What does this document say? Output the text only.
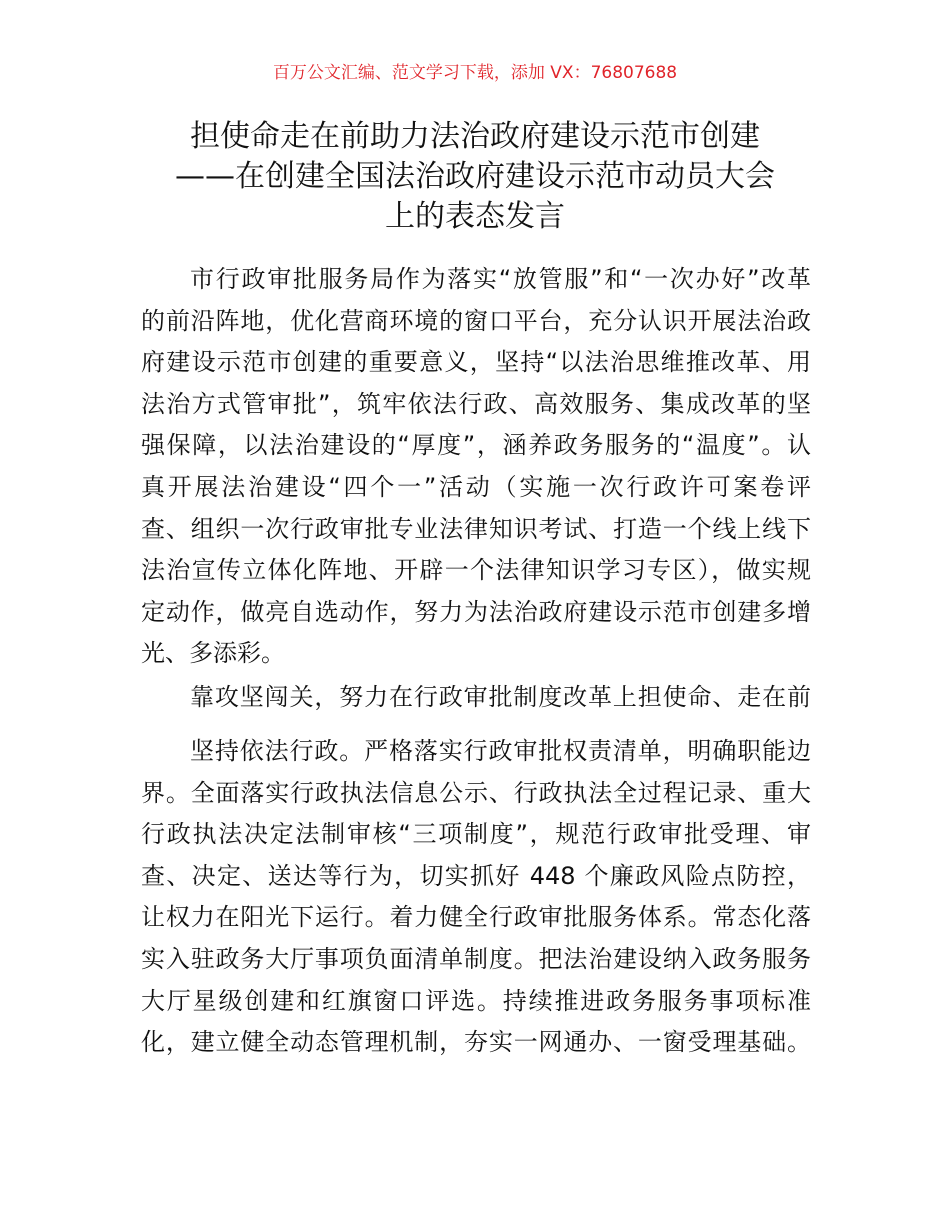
百万公文汇编、范文学习下载，添加 VX：76807688
担使命走在前助力法治政府建设示范市创建
——在创建全国法治政府建设示范市动员大会
上的表态发言
市行政审批服务局作为落实“放管服”和“一次办好”改革
的前沿阵地，优化营商环境的窗口平台，充分认识开展法治政
府建设示范市创建的重要意义，坚持“以法治思维推改革、用
法治方式管审批”，筑牢依法行政、高效服务、集成改革的坚
强保障，以法治建设的“厚度”，涵养政务服务的“温度”。认
真开展法治建设“四个一”活动（实施一次行政许可案卷评
查、组织一次行政审批专业法律知识考试、打造一个线上线下
法治宣传立体化阵地、开辟一个法律知识学习专区），做实规
定动作，做亮自选动作，努力为法治政府建设示范市创建多增
光、多添彩。
靠攻坚闯关，努力在行政审批制度改革上担使命、走在前
坚持依法行政。严格落实行政审批权责清单，明确职能边
界。全面落实行政执法信息公示、行政执法全过程记录、重大
行政执法决定法制审核“三项制度”，规范行政审批受理、审
查、决定、送达等行为，切实抓好 448 个廉政风险点防控，
让权力在阳光下运行。着力健全行政审批服务体系。常态化落
实入驻政务大厅事项负面清单制度。把法治建设纳入政务服务
大厅星级创建和红旗窗口评选。持续推进政务服务事项标准
化，建立健全动态管理机制，夯实一网通办、一窗受理基础。
